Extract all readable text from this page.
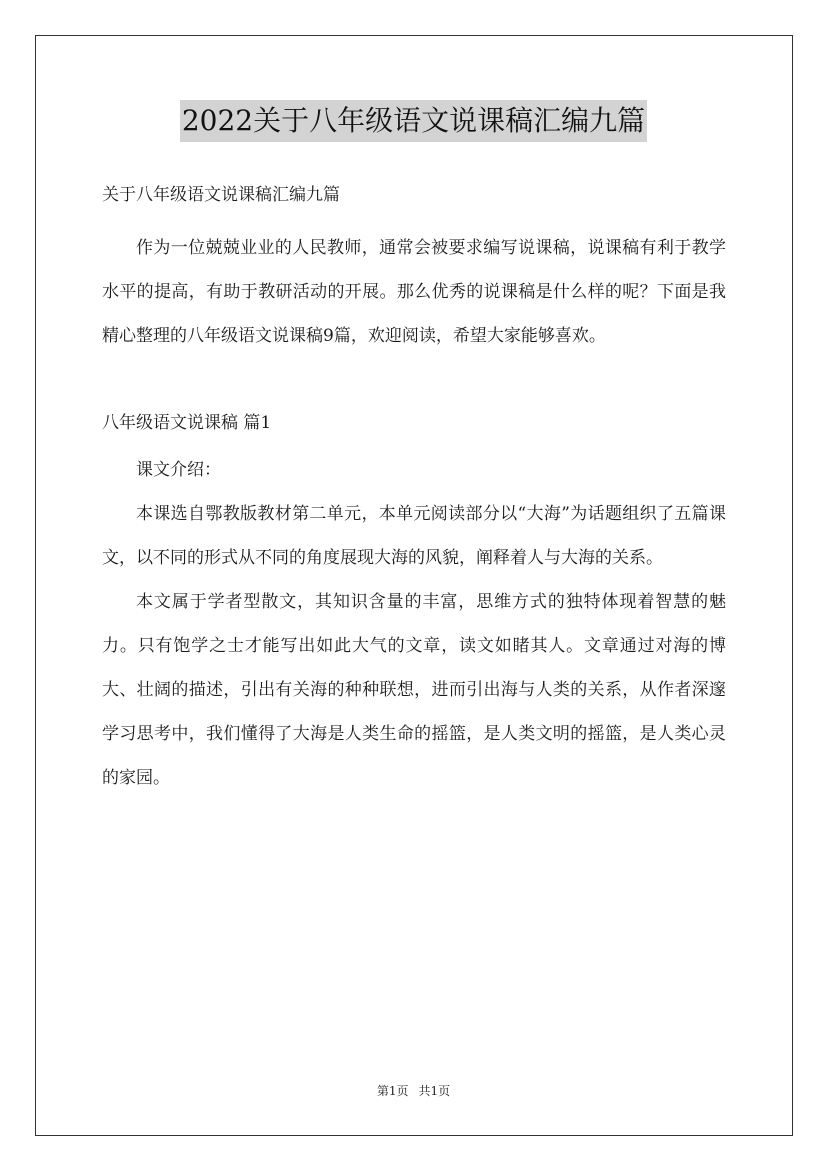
2022关于八年级语文说课稿汇编九篇

关于八年级语文说课稿汇编九篇

作为一位兢兢业业的人民教师，通常会被要求编写说课稿，说课稿有利于教学水平的提高，有助于教研活动的开展。那么优秀的说课稿是什么样的呢？下面是我精心整理的八年级语文说课稿9篇，欢迎阅读，希望大家能够喜欢。

八年级语文说课稿 篇1

课文介绍：

本课选自鄂教版教材第二单元，本单元阅读部分以“大海”为话题组织了五篇课文，以不同的形式从不同的角度展现大海的风貌，阐释着人与大海的关系。

本文属于学者型散文，其知识含量的丰富，思维方式的独特体现着智慧的魅力。只有饱学之士才能写出如此大气的文章，读文如睹其人。文章通过对海的博大、壮阔的描述，引出有关海的种种联想，进而引出海与人类的关系，从作者深邃学习思考中，我们懂得了大海是人类生命的摇篮，是人类文明的摇篮，是人类心灵的家园。

第1页 共1页
